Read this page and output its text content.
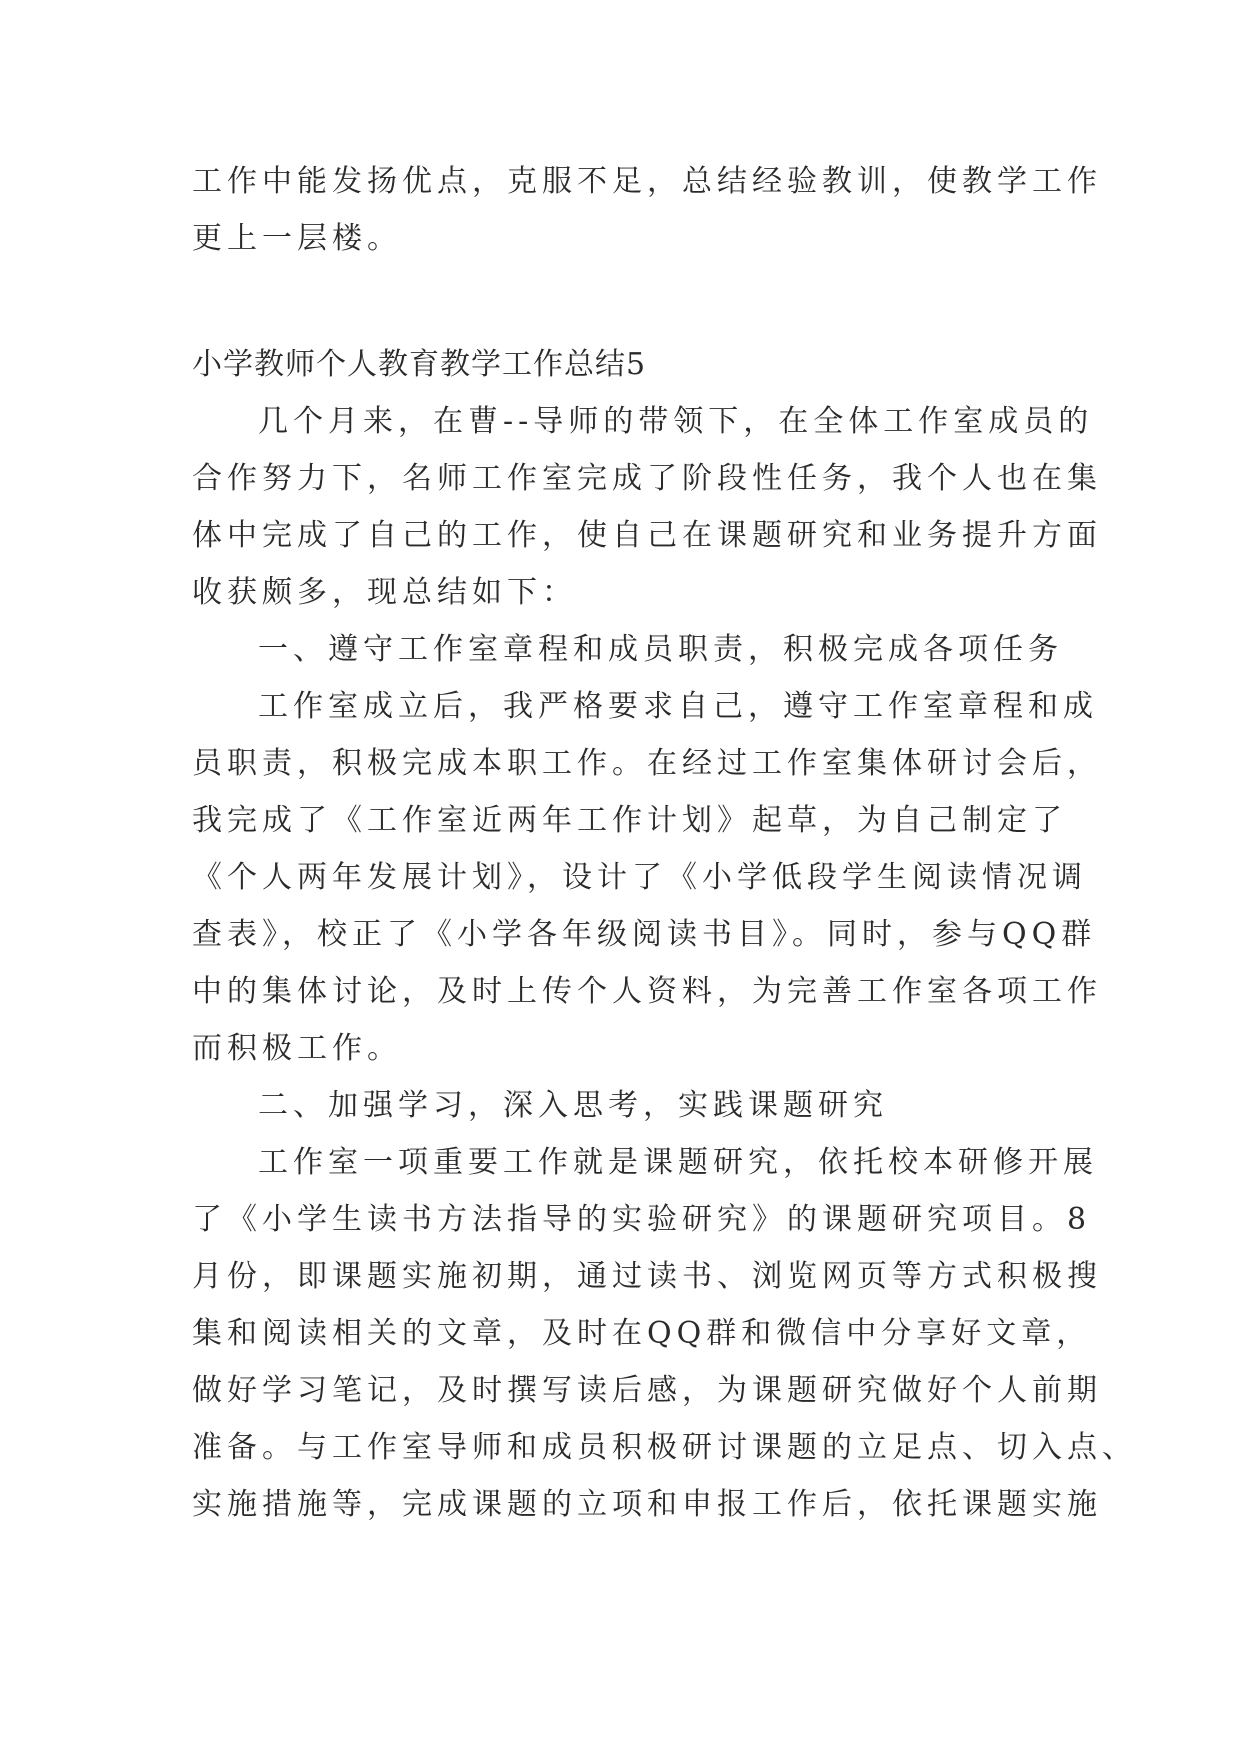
工作中能发扬优点，克服不足，总结经验教训，使教学工作
更上一层楼。
小学教师个人教育教学工作总结5
几个月来，在曹--导师的带领下，在全体工作室成员的
合作努力下，名师工作室完成了阶段性任务，我个人也在集
体中完成了自己的工作，使自己在课题研究和业务提升方面
收获颇多，现总结如下：
一、遵守工作室章程和成员职责，积极完成各项任务
工作室成立后，我严格要求自己，遵守工作室章程和成
员职责，积极完成本职工作。在经过工作室集体研讨会后，
我完成了《工作室近两年工作计划》起草，为自己制定了
《个人两年发展计划》，设计了《小学低段学生阅读情况调
查表》，校正了《小学各年级阅读书目》。同时，参与QQ群
中的集体讨论，及时上传个人资料，为完善工作室各项工作
而积极工作。
二、加强学习，深入思考，实践课题研究
工作室一项重要工作就是课题研究，依托校本研修开展
了《小学生读书方法指导的实验研究》的课题研究项目。8
月份，即课题实施初期，通过读书、浏览网页等方式积极搜
集和阅读相关的文章，及时在QQ群和微信中分享好文章，
做好学习笔记，及时撰写读后感，为课题研究做好个人前期
准备。与工作室导师和成员积极研讨课题的立足点、切入点、
实施措施等，完成课题的立项和申报工作后，依托课题实施
